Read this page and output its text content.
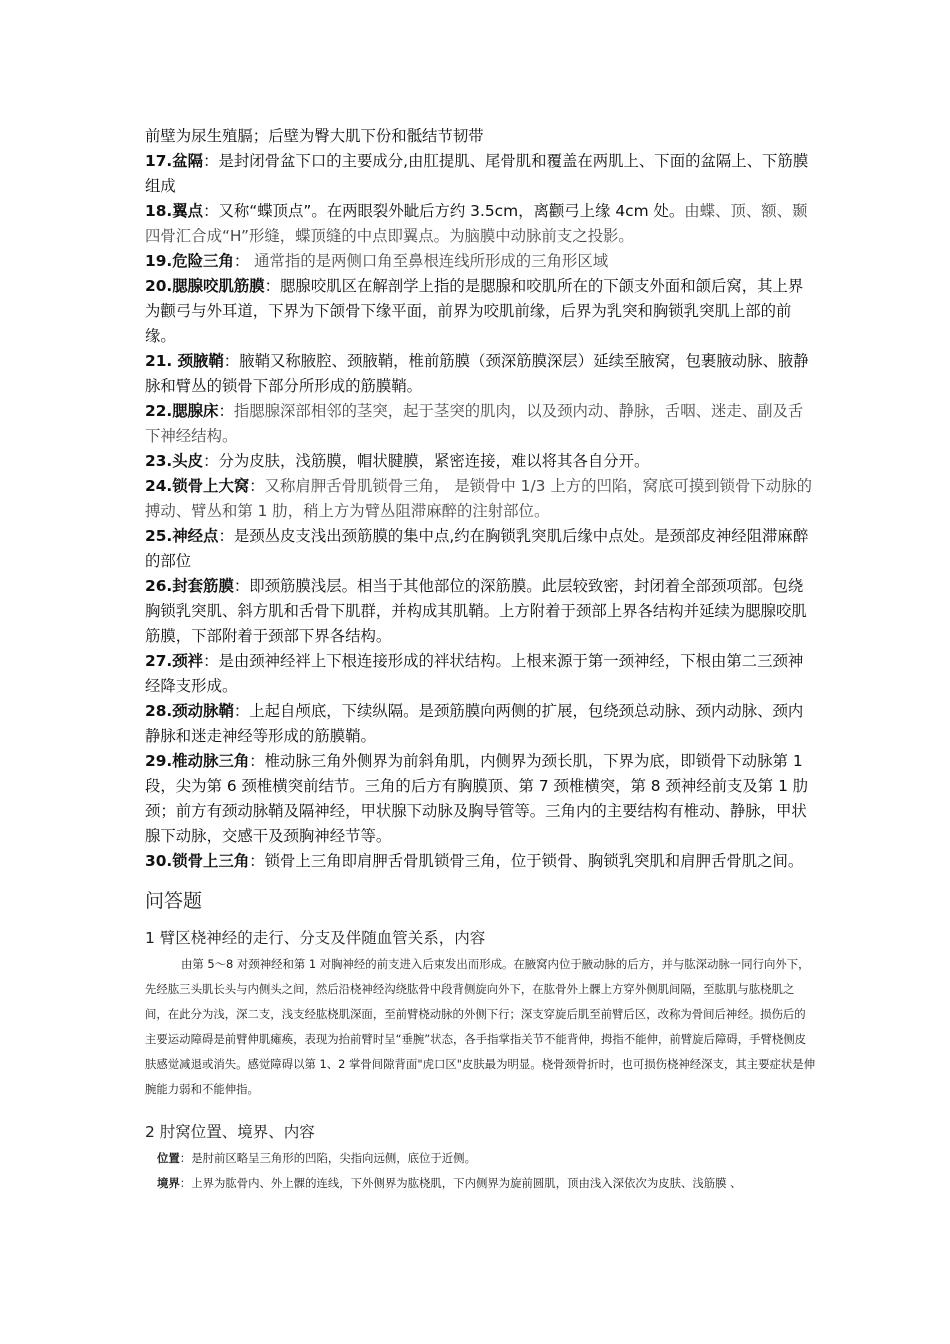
前壁为尿生殖膈；后壁为臀大肌下份和骶结节韧带

17.盆隔：是封闭骨盆下口的主要成分,由肛提肌、尾骨肌和覆盖在两肌上、下面的盆隔上、下筋膜组成

18.翼点：又称“蝶顶点”。在两眼裂外眦后方约 3.5cm，离颧弓上缘 4cm 处。由蝶、顶、额、颞四骨汇合成“H”形缝，蝶顶缝的中点即翼点。为脑膜中动脉前支之投影。

19.危险三角： 通常指的是两侧口角至鼻根连线所形成的三角形区域

20.腮腺咬肌筋膜：腮腺咬肌区在解剖学上指的是腮腺和咬肌所在的下颌支外面和颌后窝，其上界为颧弓与外耳道，下界为下颌骨下缘平面，前界为咬肌前缘，后界为乳突和胸锁乳突肌上部的前缘。

21. 颈腋鞘：腋鞘又称腋腔、颈腋鞘，椎前筋膜（颈深筋膜深层）延续至腋窝，包裹腋动脉、腋静脉和臂丛的锁骨下部分所形成的筋膜鞘。

22.腮腺床：指腮腺深部相邻的茎突，起于茎突的肌肉，以及颈内动、静脉，舌咽、迷走、副及舌下神经结构。

23.头皮：分为皮肤，浅筋膜，帽状腱膜，紧密连接，难以将其各自分开。

24.锁骨上大窝：又称肩胛舌骨肌锁骨三角， 是锁骨中 1/3 上方的凹陷，窝底可摸到锁骨下动脉的搏动、臂丛和第 1 肋，稍上方为臂丛阻滞麻醉的注射部位。

25.神经点：是颈丛皮支浅出颈筋膜的集中点,约在胸锁乳突肌后缘中点处。是颈部皮神经阻滞麻醉的部位

26.封套筋膜：即颈筋膜浅层。相当于其他部位的深筋膜。此层较致密，封闭着全部颈项部。包绕胸锁乳突肌、斜方肌和舌骨下肌群，并构成其肌鞘。上方附着于颈部上界各结构并延续为腮腺咬肌筋膜，下部附着于颈部下界各结构。

27.颈袢：是由颈神经袢上下根连接形成的袢状结构。上根来源于第一颈神经，下根由第二三颈神经降支形成。

28.颈动脉鞘：上起自颅底，下续纵隔。是颈筋膜向两侧的扩展，包绕颈总动脉、颈内动脉、颈内静脉和迷走神经等形成的筋膜鞘。

29.椎动脉三角：椎动脉三角外侧界为前斜角肌，内侧界为颈长肌，下界为底，即锁骨下动脉第 1 段，尖为第 6 颈椎横突前结节。三角的后方有胸膜顶、第 7 颈椎横突，第 8 颈神经前支及第 1 肋颈；前方有颈动脉鞘及隔神经，甲状腺下动脉及胸导管等。三角内的主要结构有椎动、静脉，甲状腺下动脉，交感干及颈胸神经节等。

30.锁骨上三角：锁骨上三角即肩胛舌骨肌锁骨三角，位于锁骨、胸锁乳突肌和肩胛舌骨肌之间。

问答题
1 臂区桡神经的走行、分支及伴随血管关系，内容

由第 5～8 对颈神经和第 1 对胸神经的前支进入后束发出而形成。在腋窝内位于腋动脉的后方，并与肱深动脉一同行向外下，先经肱三头肌长头与内侧头之间，然后沿桡神经沟绕肱骨中段背侧旋向外下，在肱骨外上髁上方穿外侧肌间隔，至肱肌与肱桡肌之间，在此分为浅，深二支，浅支经肱桡肌深面，至前臂桡动脉的外侧下行；深支穿旋后肌至前臂后区，改称为骨间后神经。损伤后的主要运动障碍是前臂伸肌瘫痪，表现为抬前臂时呈“垂腕”状态，各手指掌指关节不能背伸，拇指不能伸，前臂旋后障碍，手臂桡侧皮肤感觉减退或消失。感觉障碍以第 1、2 掌骨间隙背面"虎口区"皮肤最为明显。桡骨颈骨折时，也可损伤桡神经深支，其主要症状是伸腕能力弱和不能伸指。

2 肘窝位置、境界、内容

位置：是肘前区略呈三角形的凹陷，尖指向远侧，底位于近侧。

境界：上界为肱骨内、外上髁的连线，下外侧界为肱桡肌，下内侧界为旋前圆肌，顶由浅入深依次为皮肤、浅筋膜 、
